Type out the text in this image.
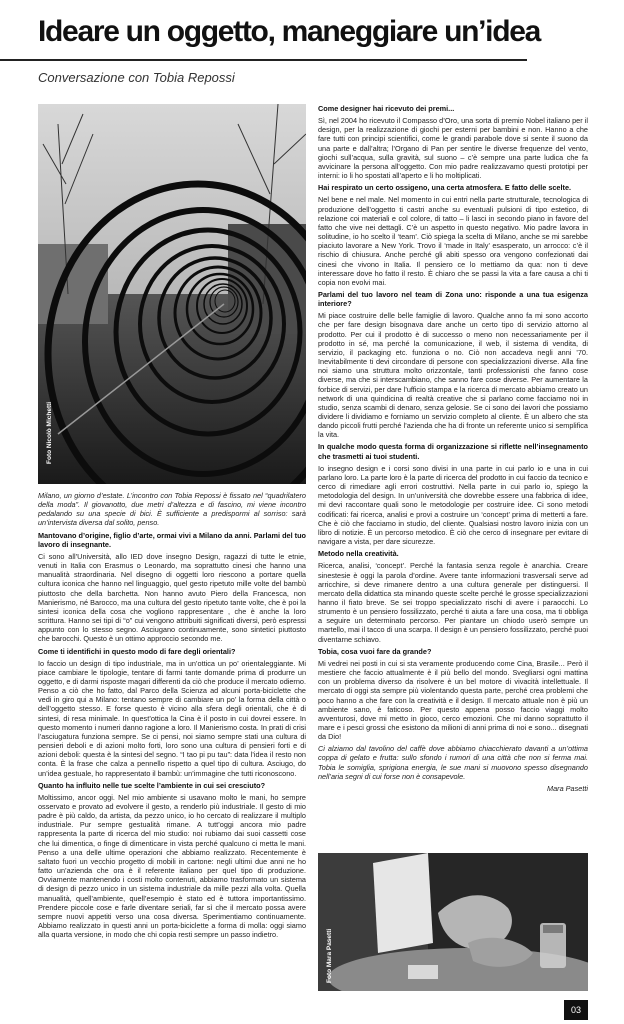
Ideare un oggetto, maneggiare un’idea
Conversazione con Tobia Repossi
Foto Nicolò Michetti

Milano, un giorno d’estate. L’incontro con Tobia Repossi è fissato nel “quadrilatero della moda”. Il giovanotto, due metri d’altezza e di fascino, mi viene incontro pedalando su una specie di bici. È sufficiente a predispormi al sorriso: sarà un’intervista diversa dal solito, penso.

Mantovano d’origine, figlio d’arte, ormai vivi a Milano da anni. Parlami del tuo lavoro di insegnante.

Ci sono all’Università, allo IED dove insegno Design, ragazzi di tutte le etnie, venuti in Italia con Erasmus o Leonardo, ma soprattutto cinesi che hanno una manualità straordinaria. Nel disegno di oggetti loro riescono a portare quella cultura iconica che hanno nel linguaggio, quel gesto ripetuto mille volte del bambù piuttosto che della barchetta. Non hanno avuto Piero della Francesca, non Manierismo, né Barocco, ma una cultura del gesto ripetuto tante volte, che è poi la sintesi iconica della cosa che vogliono rappresentare , che è anche la loro scrittura. Hanno sei tipi di “o” cui vengono attribuiti significati diversi, però espressi appunto con lo stesso segno. Asciugano continuamente, sono sintetici piuttosto che barocchi. Questo è un ottimo approccio secondo me.

Come ti identifichi in questo modo di fare degli orientali?

Io faccio un design di tipo industriale, ma in un’ottica un po’ orientaleggiante. Mi piace cambiare le tipologie, tentare di farmi tante domande prima di produrre un oggetto, e di darmi risposte magari differenti da ciò che produce il mercato odierno. Penso a ciò che ho fatto, dal Parco della Scienza ad alcuni porta-biciclette che vedi in giro qui a Milano: tentano sempre di cambiare un po’ la forma della città o dell’oggetto stesso. E forse questo è vicino alla sfera degli orientali, che è di sintesi, di resa minimale. In quest’ottica la Cina è il posto in cui dovrei essere. In questo momento i numeri danno ragione a loro. Il Manierismo costa. In prati di crisi l’asciugatura funziona sempre. Se ci pensi, noi siamo sempre stati una cultura di pensieri deboli e di azioni molto forti, loro sono una cultura di pensieri forti e di azioni deboli: questa è la sintesi del segno. “I tao pi pu tau”: data l’idea il resto non conta. È la frase che calza a pennello rispetto a quel tipo di cultura. Asciugo, do un’idea gestuale, ho rappresentato il bambù: un’immagine che tutti riconoscono.

Quanto ha influito nelle tue scelte l’ambiente in cui sei cresciuto?

Moltissimo, ancor oggi. Nel mio ambiente si usavano molto le mani, ho sempre osservato e provato ad evolvere il gesto, a renderlo più industriale. Il gesto di mio padre è più caldo, da artista, da pezzo unico, io ho cercato di realizzare il multiplo industriale. Pur sempre gestualità rimane. A tutt’oggi ancora mio padre rappresenta la parte di ricerca del mio studio: noi rubiamo dai suoi cassetti cose che lui dimentica, o finge di dimenticare in vista perché qualcuno ci metta le mani. Penso a una delle ultime operazioni che abbiamo realizzato. Recentemente è saltato fuori un vecchio progetto di mobili in cartone: negli ultimi due anni ne ho fatto un’azienda che ora è il referente italiano per quel tipo di produzione. Ovviamente mantenendo i costi molto contenuti, abbiamo trasformato un sistema di design di pezzo unico in un sistema industriale da mille pezzi alla volta. Quella manualità, quell’ambiente, quell’esempio è stato ed è tuttora importantissimo. Prendere piccole cose e farle diventare seriali, far sì che il mercato possa avere sempre nuovi appetiti verso una cosa diversa. Sperimentiamo continuamente. Abbiamo realizzato in questi anni un porta-biciclette a forma di molla: oggi siamo alla quarta versione, in modo che chi copia resti sempre un passo indietro.

Come designer hai ricevuto dei premi...

Sì, nel 2004 ho ricevuto il Compasso d’Oro, una sorta di premio Nobel italiano per il design, per la realizzazione di giochi per esterni per bambini e non. Hanno a che fare tutti con principi scientifici, come le grandi parabole dove si sente il suono da una parte e dall’altra; l’Organo di Pan per sentire le diverse frequenze del vento, giochi sull’acqua, sulla gravità, sul suono – c’è sempre una parte ludica che fa avvicinare la persona all’oggetto. Con mio padre realizzavamo questi prototipi per interni: io li ho spostati all’aperto e li ho moltiplicati.

Hai respirato un certo ossigeno, una certa atmosfera. E fatto delle scelte.

Nel bene e nel male. Nel momento in cui entri nella parte strutturale, tecnologica di produzione dell’oggetto ti castri anche su eventuali pulsioni di tipo estetico, di relazione coi materiali e col colore, di tatto – li lasci in secondo piano in favore del fatto che vive nei dettagli. C’è un aspetto in questo negativo. Mio padre lavora in solitudine, io ho scelto il ‘team’. Ciò spiega la scelta di Milano, anche se mi sarebbe piaciuto lavorare a New York. Trovo il ‘made in Italy’ esasperato, un arrocco: c’è il rischio di chiusura. Anche perché gli abiti spesso ora vengono confezionati dai cinesi che vivono in Italia. Il pensiero ce lo mettiamo da qua: non ti deve interessare dove ho fatto il resto. È chiaro che se passi la vita a fare causa a chi ti copia non evolvi mai.

Parlami del tuo lavoro nel team di Zona uno: risponde a una tua esigenza interiore?

Mi piace costruire delle belle famiglie di lavoro. Qualche anno fa mi sono accorto che per fare design bisognava dare anche un certo tipo di servizio attorno al prodotto. Per cui il prodotto è di successo o meno non necessariamente per il prodotto in sé, ma perché la comunicazione, il web, il sistema di vendita, di servizio, il packaging etc. funziona o no. Ciò non accadeva negli anni ’70. Inevitabilmente ti devi circondare di persone con specializzazioni diverse. Alla fine noi siamo una struttura molto orizzontale, tanti professionisti che fanno cose diverse, ma che si interscambiano, che sanno fare cose diverse. Per aumentare la forbice di servizi, per dare l’ufficio stampa e la ricerca di mercato abbiamo creato un network di una quindicina di realtà creative che si parlano come facciamo noi in studio, senza scambi di denaro, senza gelosie. Se ci sono dei lavori che possiamo dividere li dividiamo e forniamo un servizio completo al cliente. È un albero che sta dando piccoli frutti perché l’azienda che ha di fronte un referente unico si semplifica la vita.

In qualche modo questa forma di organizzazione si riflette nell’insegnamento che trasmetti ai tuoi studenti.

Io insegno design e i corsi sono divisi in una parte in cui parlo io e una in cui parlano loro. La parte loro è la parte di ricerca del prodotto in cui faccio da tecnico e cerco di rimediare agli errori costruttivi. Nella parte in cui parlo io, spiego la metodologia del design. In un’università che dovrebbe essere una fabbrica di idee, mi devi raccontare quali sono le metodologie per costruire idee. Ci sono metodi codificati: fai ricerca, analisi e provi a costruire un ‘concept’ prima di metterti a fare. Che è ciò che facciamo in studio, del cliente. Qualsiasi nostro lavoro inizia con un libro di notizie. È un percorso metodico. È ciò che cerco di insegnare per evitare di navigare a vista, per dare sicurezze.

Metodo nella creatività.

Ricerca, analisi, ‘concept’. Perché la fantasia senza regole è anarchia. Creare sinestesie è oggi la parola d’ordine. Avere tante informazioni trasversali serve ad arricchire, si deve rimanere dentro a una cultura generale per distinguersi. Il mercato della didattica sta minando queste scelte perché le grosse specializzazioni hanno il fiato breve. Se sei troppo specializzato rischi di avere i paraocchi. Lo strumento è un pensiero fossilizzato, perché ti aiuta a fare una cosa, ma ti obbliga a seguire un determinato percorso. Per piantare un chiodo userò sempre un martello, mai il tacco di una scarpa. Il design è un pensiero fossilizzato, perché puoi diventarne schiavo.

Tobia, cosa vuoi fare da grande?

Mi vedrei nei posti in cui si sta veramente producendo come Cina, Brasile... Però il mestiere che faccio attualmente è il più bello del mondo. Svegliarsi ogni mattina con un problema diverso da risolvere è un bel motore di vivacità intellettuale. Il mercato di oggi sta sempre più violentando questa parte, perché crea problemi che poco hanno a che fare con la creatività e il design. Il mercato attuale non è più un ambiente sano, è faticoso. Per questo appena posso faccio viaggi molto avventurosi, dove mi metto in gioco, cerco emozioni. Che mi danno soprattutto il mare e i pesci grossi che esistono da milioni di anni prima di noi e sono... disegnati da Dio!

Ci alziamo dal tavolino del caffè dove abbiamo chiacchierato davanti a un’ottima coppa di gelato e frutta: sullo sfondo i rumori di una città che non si ferma mai. Tobia le somiglia, sprigiona energia, le sue mani si muovono spesso disegnando nell’aria segni di cui forse non è consapevole.

Mara Pasetti

Foto Mara Pasetti
03
